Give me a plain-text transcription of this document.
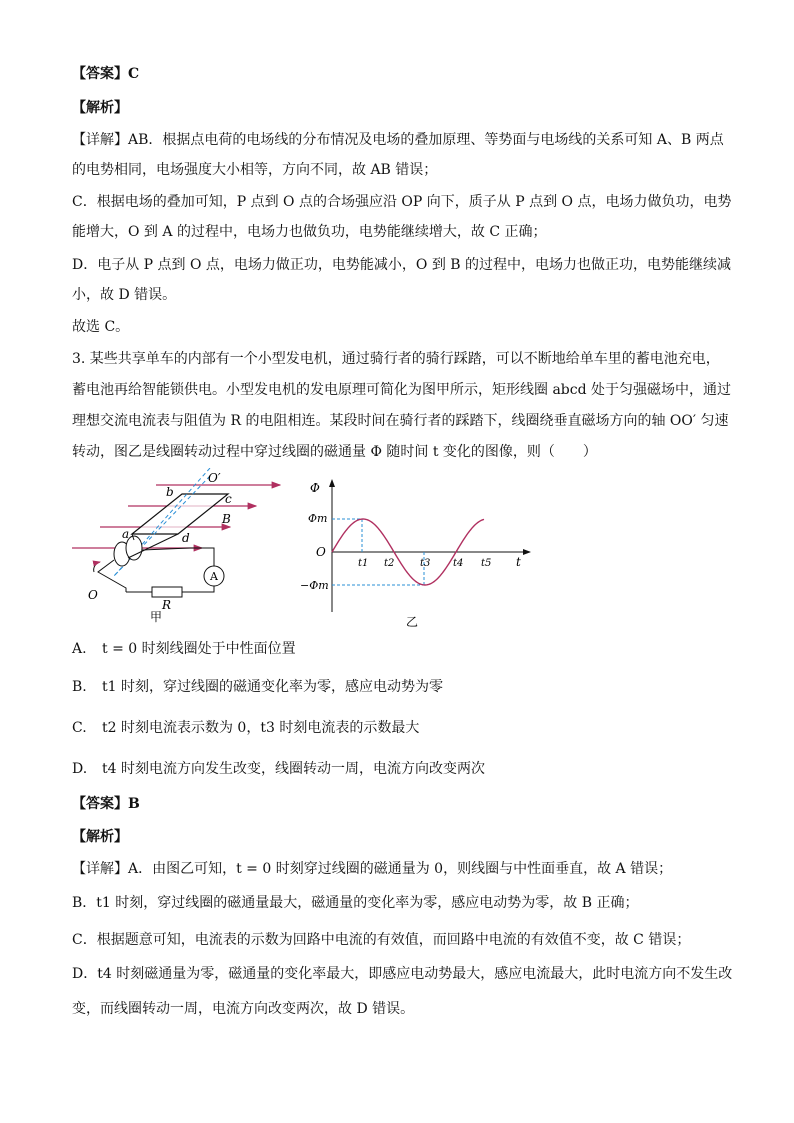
【答案】C
【解析】
【详解】AB．根据点电荷的电场线的分布情况及电场的叠加原理、等势面与电场线的关系可知 A、B 两点
的电势相同，电场强度大小相等，方向不同，故 AB 错误；
C．根据电场的叠加可知，P 点到 O 点的合场强应沿 OP 向下，质子从 P 点到 O 点，电场力做负功，电势
能增大，O 到 A 的过程中，电场力也做负功，电势能继续增大，故 C 正确；
D．电子从 P 点到 O 点，电场力做正功，电势能减小，O 到 B 的过程中，电场力也做正功，电势能继续减
小，故 D 错误。
故选 C。
3. 某些共享单车的内部有一个小型发电机，通过骑行者的骑行踩踏，可以不断地给单车里的蓄电池充电，
蓄电池再给智能锁供电。小型发电机的发电原理可简化为图甲所示，矩形线圈 abcd 处于匀强磁场中，通过
理想交流电流表与阻值为 R 的电阻相连。某段时间在骑行者的踩踏下，线圈绕垂直磁场方向的轴 OO′ 匀速
转动，图乙是线圈转动过程中穿过线圈的磁通量 Φ 随时间 t 变化的图像，则（　　）
O′
b	c
B
a	d
A
R
O
甲
Φ
Φm
O
−Φm
t
t1 t2	t3 t4 t5
乙
A. t = 0 时刻线圈处于中性面位置
B. t1 时刻，穿过线圈的磁通变化率为零，感应电动势为零
C. t2 时刻电流表示数为 0，t3 时刻电流表的示数最大
D. t4 时刻电流方向发生改变，线圈转动一周，电流方向改变两次
【答案】B
【解析】
【详解】A．由图乙可知，t = 0 时刻穿过线圈的磁通量为 0，则线圈与中性面垂直，故 A 错误；
B．t1 时刻，穿过线圈的磁通量最大，磁通量的变化率为零，感应电动势为零，故 B 正确；
C．根据题意可知，电流表的示数为回路中电流的有效值，而回路中电流的有效值不变，故 C 错误；
D．t4 时刻磁通量为零，磁通量的变化率最大，即感应电动势最大，感应电流最大，此时电流方向不发生改
变，而线圈转动一周，电流方向改变两次，故 D 错误。
